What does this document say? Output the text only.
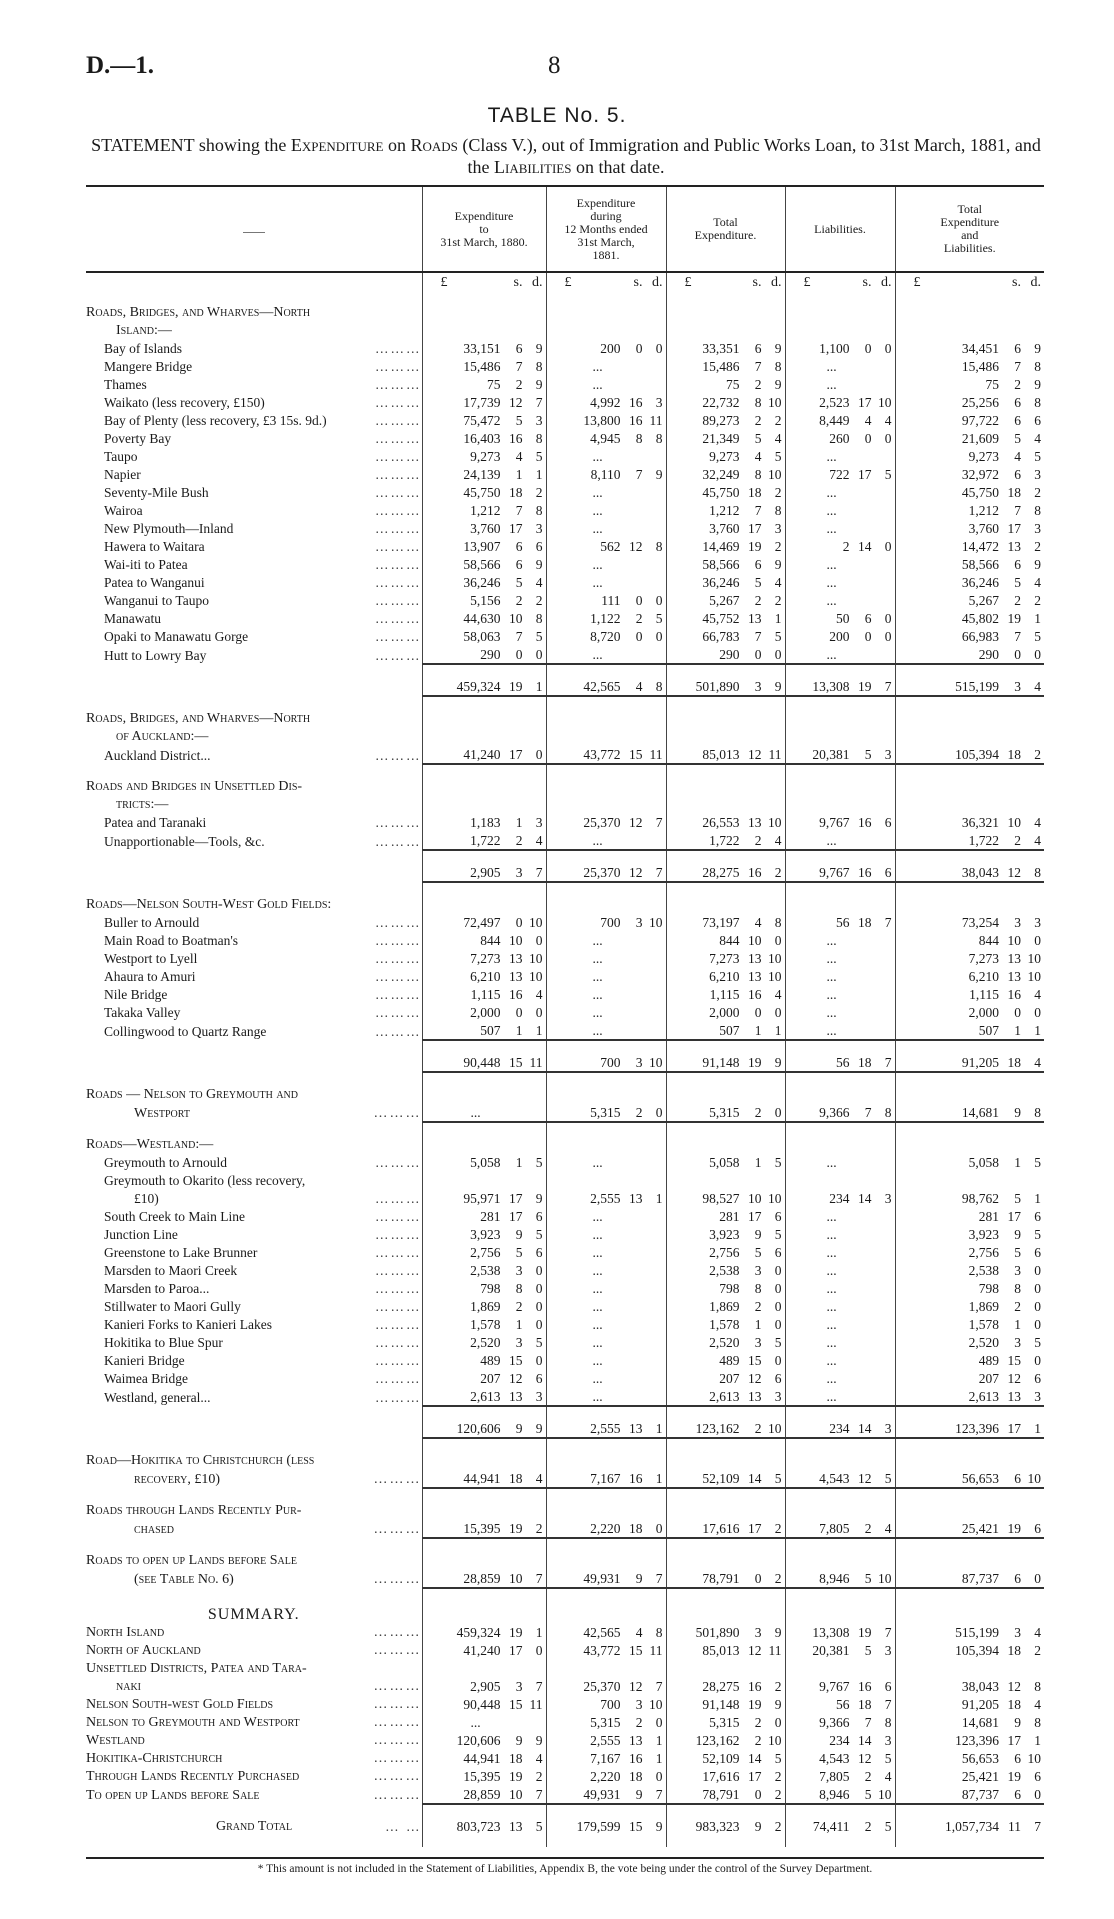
D.—1.	8
TABLE No. 5.
STATEMENT showing the Expenditure on Roads (Class V.), out of Immigration and Public Works Loan, to 31st March, 1881, and the Liabilities on that date.

	Expenditure
to
31st March, 1880.	Expenditure
during
12 Months ended
31st March,
1881.	Total
Expenditure.	Liabilities.	Total
Expenditure
and
Liabilities.

	£ s. d.	£ s. d.	£ s. d.	£ s. d.	£ s. d.

Roads, Bridges, and Wharves—North					

Island:—					

Bay of Islands ………	33,151 6 9	200 0 0	33,351 6 9	1,100 0 0	34,451 6 9

Mangere Bridge ………	15,486 7 8	...	15,486 7 8	...	15,486 7 8

Thames ………	75 2 9	...	75 2 9	...	75 2 9

Waikato (less recovery, £150) ………	17,739 12 7	4,992 16 3	22,732 8 10	2,523 17 10	25,256 6 8

Bay of Plenty (less recovery, £3 15s. 9d.) ………	75,472 5 3	13,800 16 11	89,273 2 2	8,449 4 4	97,722 6 6

Poverty Bay ………	16,403 16 8	4,945 8 8	21,349 5 4	260 0 0	21,609 5 4

Taupo ………	9,273 4 5	...	9,273 4 5	...	9,273 4 5

Napier ………	24,139 1 1	8,110 7 9	32,249 8 10	722 17 5	32,972 6 3

Seventy-Mile Bush ………	45,750 18 2	...	45,750 18 2	...	45,750 18 2

Wairoa ………	1,212 7 8	...	1,212 7 8	...	1,212 7 8

New Plymouth—Inland ………	3,760 17 3	...	3,760 17 3	...	3,760 17 3

Hawera to Waitara ………	13,907 6 6	562 12 8	14,469 19 2	2 14 0	14,472 13 2

Wai-iti to Patea ………	58,566 6 9	...	58,566 6 9	...	58,566 6 9

Patea to Wanganui ………	36,246 5 4	...	36,246 5 4	...	36,246 5 4

Wanganui to Taupo ………	5,156 2 2	111 0 0	5,267 2 2	...	5,267 2 2

Manawatu ………	44,630 10 8	1,122 2 5	45,752 13 1	50 6 0	45,802 19 1

Opaki to Manawatu Gorge ………	58,063 7 5	8,720 0 0	66,783 7 5	200 0 0	66,983 7 5

Hutt to Lowry Bay ………	290 0 0	...	290 0 0	...	290 0 0

	459,324 19 1	42,565 4 8	501,890 3 9	13,308 19 7	515,199 3 4

Roads, Bridges, and Wharves—North					

of Auckland:—					

Auckland District... ………	41,240 17 0	43,772 15 11	85,013 12 11	20,381 5 3	105,394 18 2

Roads and Bridges in Unsettled Dis-					

tricts:—					

Patea and Taranaki ………	1,183 1 3	25,370 12 7	26,553 13 10	9,767 16 6	36,321 10 4

Unapportionable—Tools, &c. ………	1,722 2 4	...	1,722 2 4	...	1,722 2 4

	2,905 3 7	25,370 12 7	28,275 16 2	9,767 16 6	38,043 12 8

Roads—Nelson South-West Gold Fields:					

Buller to Arnould ………	72,497 0 10	700 3 10	73,197 4 8	56 18 7	73,254 3 3

Main Road to Boatman's ………	844 10 0	...	844 10 0	...	844 10 0

Westport to Lyell ………	7,273 13 10	...	7,273 13 10	...	7,273 13 10

Ahaura to Amuri ………	6,210 13 10	...	6,210 13 10	...	6,210 13 10

Nile Bridge ………	1,115 16 4	...	1,115 16 4	...	1,115 16 4

Takaka Valley ………	2,000 0 0	...	2,000 0 0	...	2,000 0 0

Collingwood to Quartz Range ………	507 1 1	...	507 1 1	...	507 1 1

	90,448 15 11	700 3 10	91,148 19 9	56 18 7	91,205 18 4

Roads — Nelson to Greymouth and					

Westport ………	...	5,315 2 0	5,315 2 0	9,366 7 8	14,681 9 8

Roads—Westland:—					

Greymouth to Arnould ………	5,058 1 5	...	5,058 1 5	...	5,058 1 5

Greymouth to Okarito (less recovery,					

£10) ………	95,971 17 9	2,555 13 1	98,527 10 10	234 14 3	98,762 5 1

South Creek to Main Line ………	281 17 6	...	281 17 6	...	281 17 6

Junction Line ………	3,923 9 5	...	3,923 9 5	...	3,923 9 5

Greenstone to Lake Brunner ………	2,756 5 6	...	2,756 5 6	...	2,756 5 6

Marsden to Maori Creek ………	2,538 3 0	...	2,538 3 0	...	2,538 3 0

Marsden to Paroa... ………	798 8 0	...	798 8 0	...	798 8 0

Stillwater to Maori Gully ………	1,869 2 0	...	1,869 2 0	...	1,869 2 0

Kanieri Forks to Kanieri Lakes ………	1,578 1 0	...	1,578 1 0	...	1,578 1 0

Hokitika to Blue Spur ………	2,520 3 5	...	2,520 3 5	...	2,520 3 5

Kanieri Bridge ………	489 15 0	...	489 15 0	...	489 15 0

Waimea Bridge ………	207 12 6	...	207 12 6	...	207 12 6

Westland, general... ………	2,613 13 3	...	2,613 13 3	...	2,613 13 3

	120,606 9 9	2,555 13 1	123,162 2 10	234 14 3	123,396 17 1

Road—Hokitika to Christchurch (less					

recovery, £10) ………	44,941 18 4	7,167 16 1	52,109 14 5	4,543 12 5	56,653 6 10

Roads through Lands Recently Pur-					

chased ………	15,395 19 2	2,220 18 0	17,616 17 2	7,805 2 4	25,421 19 6

Roads to open up Lands before Sale					

(see Table No. 6) ………	28,859 10 7	49,931 9 7	78,791 0 2	8,946 5 10	87,737 6 0

SUMMARY.	

North Island ………	459,324 19 1	42,565 4 8	501,890 3 9	13,308 19 7	515,199 3 4

North of Auckland ………	41,240 17 0	43,772 15 11	85,013 12 11	20,381 5 3	105,394 18 2

Unsettled Districts, Patea and Tara-					

naki ………	2,905 3 7	25,370 12 7	28,275 16 2	9,767 16 6	38,043 12 8

Nelson South-west Gold Fields ………	90,448 15 11	700 3 10	91,148 19 9	56 18 7	91,205 18 4

Nelson to Greymouth and Westport ………	...	5,315 2 0	5,315 2 0	9,366 7 8	14,681 9 8

Westland ………	120,606 9 9	2,555 13 1	123,162 2 10	234 14 3	123,396 17 1

Hokitika-Christchurch ………	44,941 18 4	7,167 16 1	52,109 14 5	4,543 12 5	56,653 6 10

Through Lands Recently Purchased ………	15,395 19 2	2,220 18 0	17,616 17 2	7,805 2 4	25,421 19 6

To open up Lands before Sale ………	28,859 10 7	49,931 9 7	78,791 0 2	8,946 5 10	87,737 6 0

Grand Total … …	803,723 13 5	179,599 15 9	983,323 9 2	74,411 2 5	1,057,734 11 7

* This amount is not included in the Statement of Liabilities, Appendix B, the vote being under the control of the Survey Department.
